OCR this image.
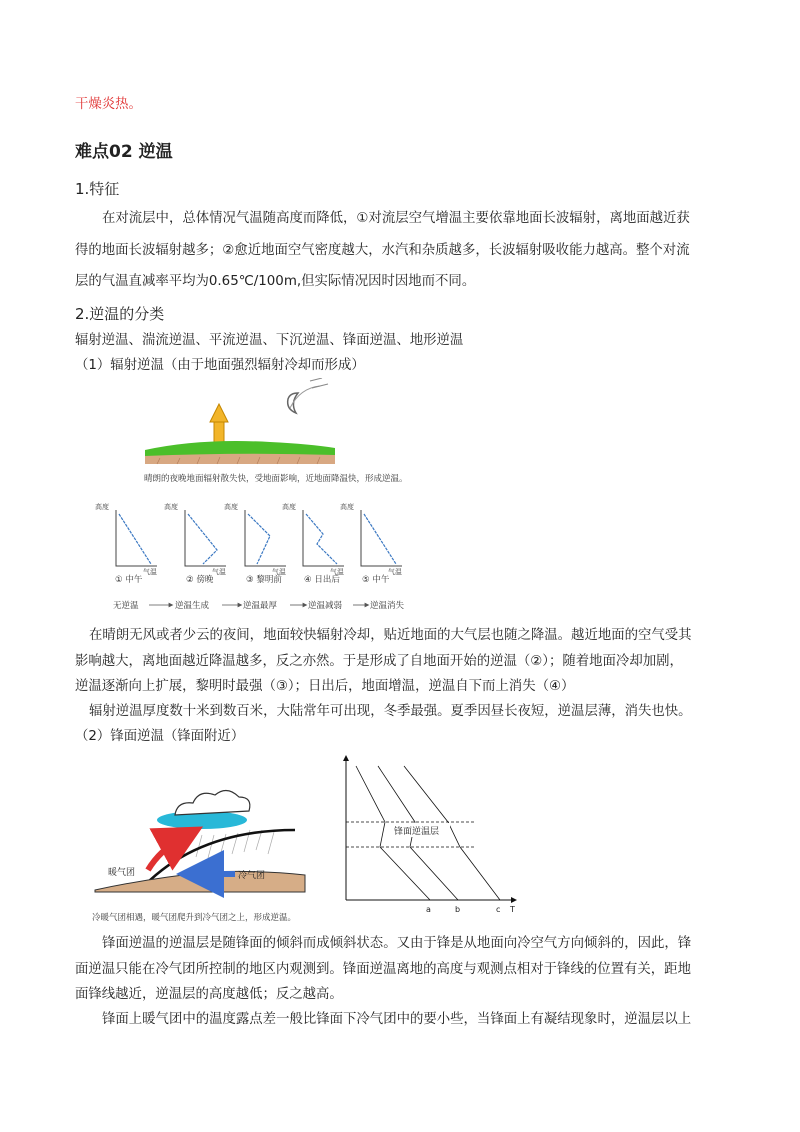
干燥炎热。
难点02 逆温
1.特征
在对流层中，总体情况气温随高度而降低，①对流层空气增温主要依靠地面长波辐射，离地面越近获
得的地面长波辐射越多；②愈近地面空气密度越大，水汽和杂质越多，长波辐射吸收能力越高。整个对流
层的气温直减率平均为0.65℃/100m,但实际情况因时因地而不同。
2.逆温的分类
辐射逆温、湍流逆温、平流逆温、下沉逆温、锋面逆温、地形逆温
（1）辐射逆温（由于地面强烈辐射冷却而形成）
晴朗的夜晚地面辐射散失快，受地面影响，近地面降温快，形成逆温。
高度
气温
高度
气温
高度
气温
高度
气温
高度
气温
① 中午	② 傍晚	③ 黎明前	④ 日出后	⑤ 中午
无逆温	逆温生成	逆温最厚	逆温减弱	逆温消失
在晴朗无风或者少云的夜间，地面较快辐射冷却，贴近地面的大气层也随之降温。越近地面的空气受其
影响越大，离地面越近降温越多，反之亦然。于是形成了自地面开始的逆温（②）；随着地面冷却加剧，
逆温逐渐向上扩展，黎明时最强（③）；日出后，地面增温，逆温自下而上消失（④）
辐射逆温厚度数十米到数百米，大陆常年可出现，冬季最强。夏季因昼长夜短，逆温层薄，消失也快。
（2）锋面逆温（锋面附近）
暖气团	冷气团
冷暖气团相遇，暖气团爬升到冷气团之上，形成逆温。
锋面逆温层
a	b	c T
锋面逆温的逆温层是随锋面的倾斜而成倾斜状态。又由于锋是从地面向冷空气方向倾斜的，因此，锋
面逆温只能在冷气团所控制的地区内观测到。锋面逆温离地的高度与观测点相对于锋线的位置有关，距地
面锋线越近，逆温层的高度越低；反之越高。
锋面上暖气团中的温度露点差一般比锋面下冷气团中的要小些，当锋面上有凝结现象时，逆温层以上
